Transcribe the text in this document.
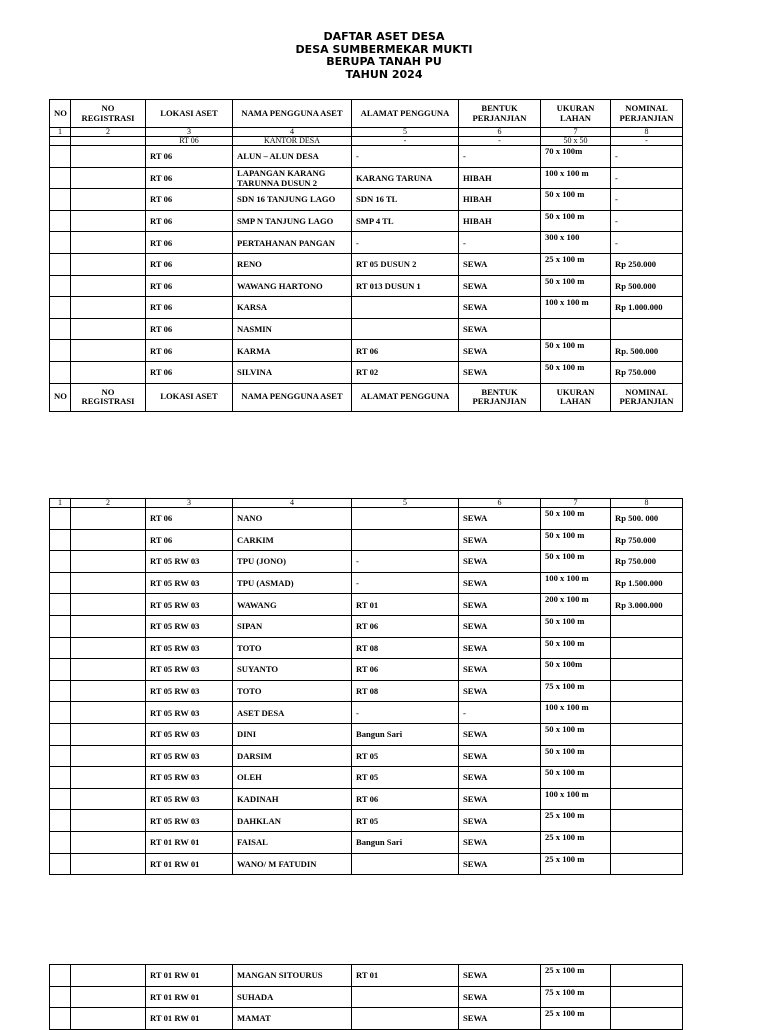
DAFTAR ASET DESA
DESA SUMBERMEKAR MUKTI
BERUPA TANAH PU
TAHUN 2024
NO	NO REGISTRASI	LOKASI ASET	NAMA PENGGUNA ASET	ALAMAT PENGGUNA	BENTUK PERJANJIAN	UKURAN LAHAN	NOMINAL PERJANJIAN
1	2	3	4	5	6	7	8
		RT 06	KANTOR DESA	-	-	50 x 50	-
		RT 06	ALUN – ALUN DESA	-	-	70 x 100m	-
		RT 06	LAPANGAN KARANG TARUNNA DUSUN 2	KARANG TARUNA	HIBAH	100 x 100 m	-
		RT 06	SDN 16 TANJUNG LAGO	SDN 16 TL	HIBAH	50 x 100 m	-
		RT 06	SMP N TANJUNG LAGO	SMP 4 TL	HIBAH	50 x 100 m	-
		RT 06	PERTAHANAN PANGAN	-	-	300 x 100	-
		RT 06	RENO	RT 05 DUSUN 2	SEWA	25 x 100 m	Rp 250.000
		RT 06	WAWANG HARTONO	RT 013 DUSUN 1	SEWA	50 x 100 m	Rp 500.000
		RT 06	KARSA		SEWA	100 x 100 m	Rp 1.000.000
		RT 06	NASMIN		SEWA		
		RT 06	KARMA	RT 06	SEWA	50 x 100 m	Rp. 500.000
		RT 06	SILVINA	RT 02	SEWA	50 x 100 m	Rp 750.000
NO	NO REGISTRASI	LOKASI ASET	NAMA PENGGUNA ASET	ALAMAT PENGGUNA	BENTUK PERJANJIAN	UKURAN LAHAN	NOMINAL PERJANJIAN
1	2	3	4	5	6	7	8
		RT 06	NANO		SEWA	50 x 100 m	Rp 500. 000
		RT 06	CARKIM		SEWA	50 x 100 m	Rp 750.000
		RT 05 RW 03	TPU (JONO)	-	SEWA	50 x 100 m	Rp 750.000
		RT 05 RW 03	TPU (ASMAD)	-	SEWA	100 x 100 m	Rp 1.500.000
		RT 05 RW 03	WAWANG	RT 01	SEWA	200 x 100 m	Rp 3.000.000
		RT 05 RW 03	SIPAN	RT 06	SEWA	50 x 100 m	
		RT 05 RW 03	TOTO	RT 08	SEWA	50 x 100 m	
		RT 05 RW 03	SUYANTO	RT 06	SEWA	50 x 100m	
		RT 05 RW 03	TOTO	RT 08	SEWA	75 x 100 m	
		RT 05 RW 03	ASET DESA	-	-	100 x 100 m	
		RT 05 RW 03	DINI	Bangun Sari	SEWA	50 x 100 m	
		RT 05 RW 03	DARSIM	RT 05	SEWA	50 x 100 m	
		RT 05 RW 03	OLEH	RT 05	SEWA	50 x 100 m	
		RT 05 RW 03	KADINAH	RT 06	SEWA	100 x 100 m	
		RT 05 RW 03	DAHKLAN	RT 05	SEWA	25 x 100 m	
		RT 01 RW 01	FAISAL	Bangun Sari	SEWA	25 x 100 m	
		RT 01 RW 01	WANO/ M FATUDIN		SEWA	25 x 100 m	
		RT 01 RW 01	MANGAN SITOURUS	RT 01	SEWA	25 x 100 m	
		RT 01 RW 01	SUHADA		SEWA	75 x 100 m	
		RT 01 RW 01	MAMAT		SEWA	25 x 100 m	
